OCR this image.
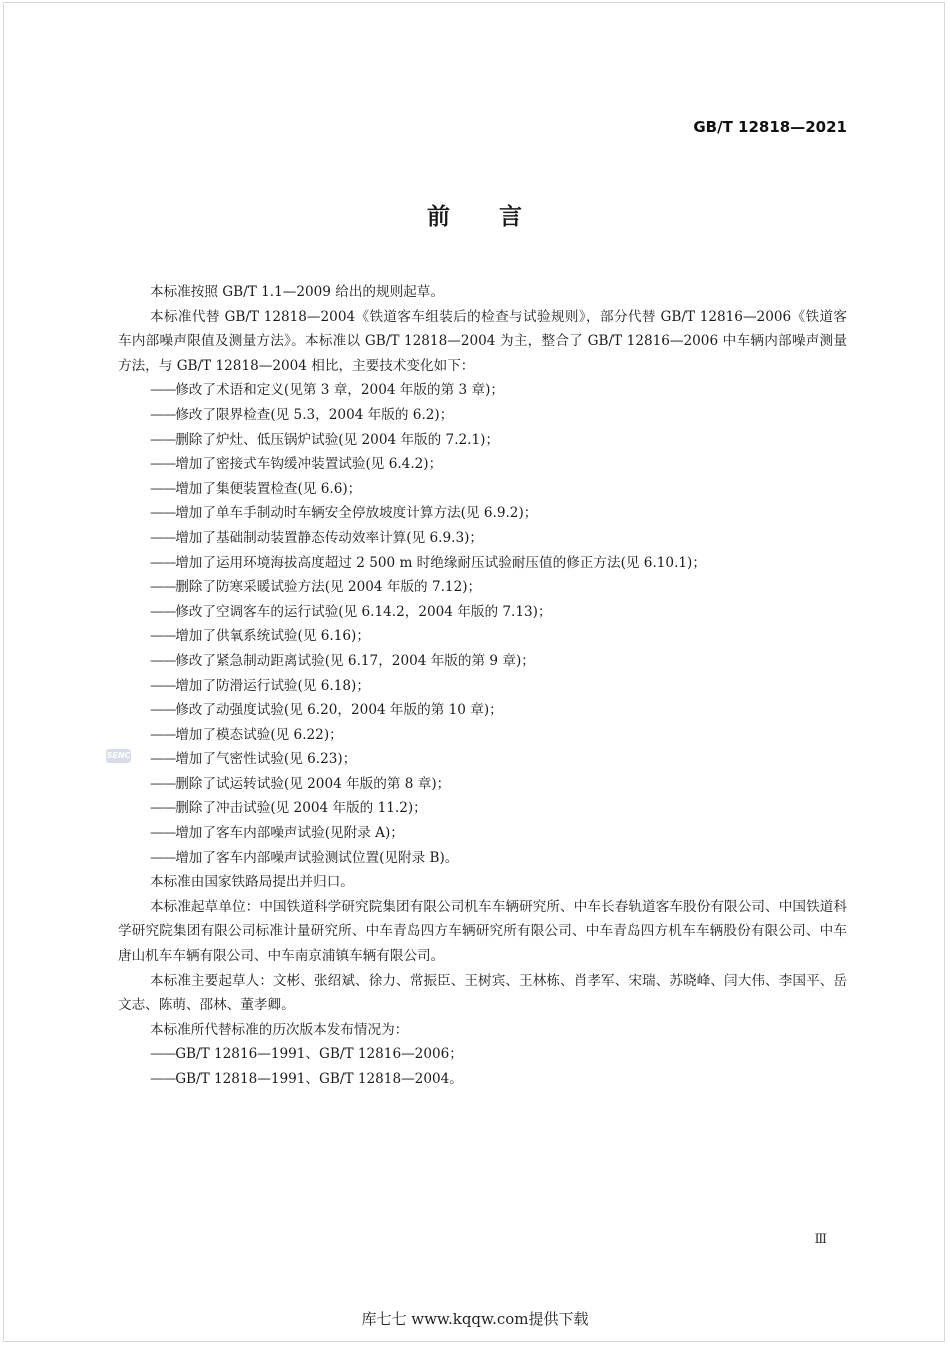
GB/T 12818—2021
前 言
SENC

本标准按照 GB/T 1.1—2009 给出的规则起草。

本标准代替 GB/T 12818—2004《铁道客车组装后的检查与试验规则》，部分代替 GB/T 12816—2006《铁道客车内部噪声限值及测量方法》。本标准以 GB/T 12818—2004 为主，整合了 GB/T 12816—2006 中车辆内部噪声测量方法，与 GB/T 12818—2004 相比，主要技术变化如下：

——修改了术语和定义(见第 3 章，2004 年版的第 3 章)；

——修改了限界检查(见 5.3，2004 年版的 6.2)；

——删除了炉灶、低压锅炉试验(见 2004 年版的 7.2.1)；

——增加了密接式车钩缓冲装置试验(见 6.4.2)；

——增加了集便装置检查(见 6.6)；

——增加了单车手制动时车辆安全停放坡度计算方法(见 6.9.2)；

——增加了基础制动装置静态传动效率计算(见 6.9.3)；

——增加了运用环境海拔高度超过 2 500 m 时绝缘耐压试验耐压值的修正方法(见 6.10.1)；

——删除了防寒采暖试验方法(见 2004 年版的 7.12)；

——修改了空调客车的运行试验(见 6.14.2，2004 年版的 7.13)；

——增加了供氧系统试验(见 6.16)；

——修改了紧急制动距离试验(见 6.17，2004 年版的第 9 章)；

——增加了防滑运行试验(见 6.18)；

——修改了动强度试验(见 6.20，2004 年版的第 10 章)；

——增加了模态试验(见 6.22)；

——增加了气密性试验(见 6.23)；

——删除了试运转试验(见 2004 年版的第 8 章)；

——删除了冲击试验(见 2004 年版的 11.2)；

——增加了客车内部噪声试验(见附录 A)；

——增加了客车内部噪声试验测试位置(见附录 B)。

本标准由国家铁路局提出并归口。

本标准起草单位：中国铁道科学研究院集团有限公司机车车辆研究所、中车长春轨道客车股份有限公司、中国铁道科学研究院集团有限公司标准计量研究所、中车青岛四方车辆研究所有限公司、中车青岛四方机车车辆股份有限公司、中车唐山机车车辆有限公司、中车南京浦镇车辆有限公司。

本标准主要起草人：文彬、张绍斌、徐力、常振臣、王树宾、王林栋、肖孝军、宋瑞、苏晓峰、闫大伟、李国平、岳文志、陈萌、邵林、董孝卿。

本标准所代替标准的历次版本发布情况为：

——GB/T 12816—1991、GB/T 12816—2006；

——GB/T 12818—1991、GB/T 12818—2004。

Ⅲ
库七七 www.kqqw.com提供下载
